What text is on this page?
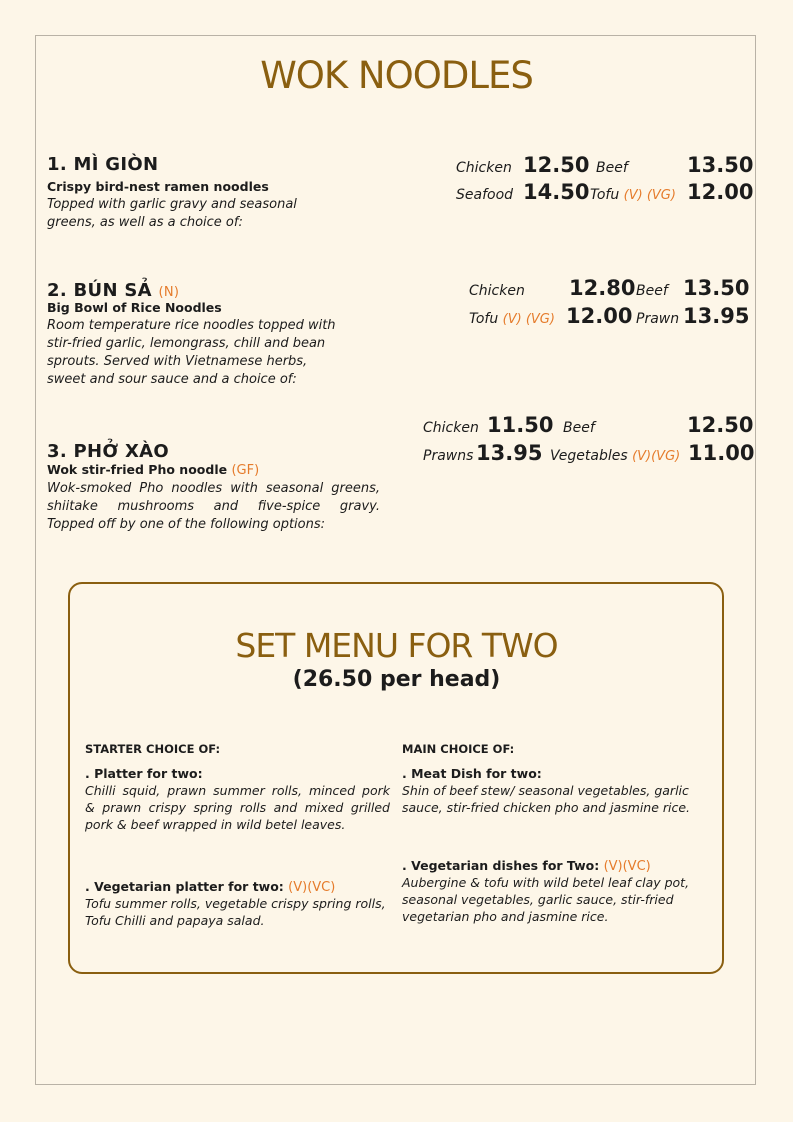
WOK NOODLES
1. MÌ GIÒN
Crispy bird-nest ramen noodles
Topped with garlic gravy and seasonal
greens, as well as a choice of:
Chicken 12.50 Beef	13.50
Seafood 14.50 Tofu (V) (VG) 12.00
2. BÚN SẢ (N)
Big Bowl of Rice Noodles
Room temperature rice noodles topped with
stir-fried garlic, lemongrass, chill and bean
sprouts. Served with Vietnamese herbs,
sweet and sour sauce and a choice of:
Chicken 12.80 Beef 13.50
Tofu (V) (VG) 12.00 Prawn 13.95
3. PHỞ XÀO
Wok stir-fried Pho noodle (GF)
Wok-smoked Pho noodles with seasonal greens,
shiitake mushrooms and five-spice gravy.
Topped off by one of the following options:
Chicken 11.50 Beef	12.50
Prawns 13.95 Vegetables (V)(VG) 11.00
SET MENU FOR TWO
(26.50 per head)
STARTER CHOICE OF:	MAIN CHOICE OF:
. Platter for two:
Chilli squid, prawn summer rolls, minced pork
& prawn crispy spring rolls and mixed grilled
pork & beef wrapped in wild betel leaves.
. Vegetarian platter for two: (V)(VC)
Tofu summer rolls, vegetable crispy spring rolls,
Tofu Chilli and papaya salad.
. Meat Dish for two:
Shin of beef stew/ seasonal vegetables, garlic
sauce, stir-fried chicken pho and jasmine rice.
. Vegetarian dishes for Two: (V)(VC)
Aubergine & tofu with wild betel leaf clay pot,
seasonal vegetables, garlic sauce, stir-fried
vegetarian pho and jasmine rice.
